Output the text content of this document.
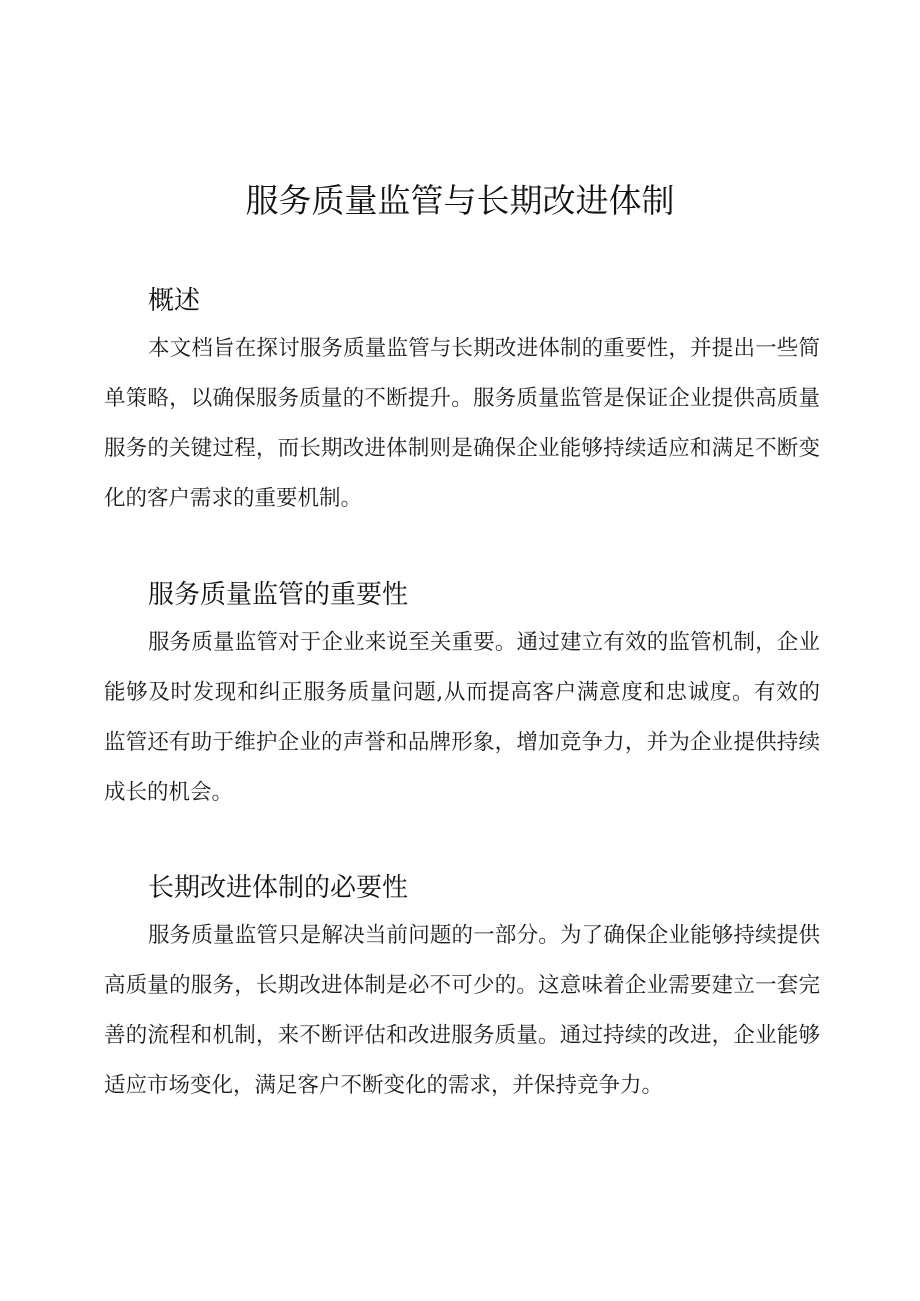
服务质量监管与长期改进体制
概述

本文档旨在探讨服务质量监管与长期改进体制的重要性，并提出一些简单策略，以确保服务质量的不断提升。服务质量监管是保证企业提供高质量服务的关键过程，而长期改进体制则是确保企业能够持续适应和满足不断变化的客户需求的重要机制。

服务质量监管的重要性

服务质量监管对于企业来说至关重要。通过建立有效的监管机制，企业能够及时发现和纠正服务质量问题,从而提高客户满意度和忠诚度。有效的监管还有助于维护企业的声誉和品牌形象，增加竞争力，并为企业提供持续成长的机会。

长期改进体制的必要性

服务质量监管只是解决当前问题的一部分。为了确保企业能够持续提供高质量的服务，长期改进体制是必不可少的。这意味着企业需要建立一套完善的流程和机制，来不断评估和改进服务质量。通过持续的改进，企业能够适应市场变化，满足客户不断变化的需求，并保持竞争力。
